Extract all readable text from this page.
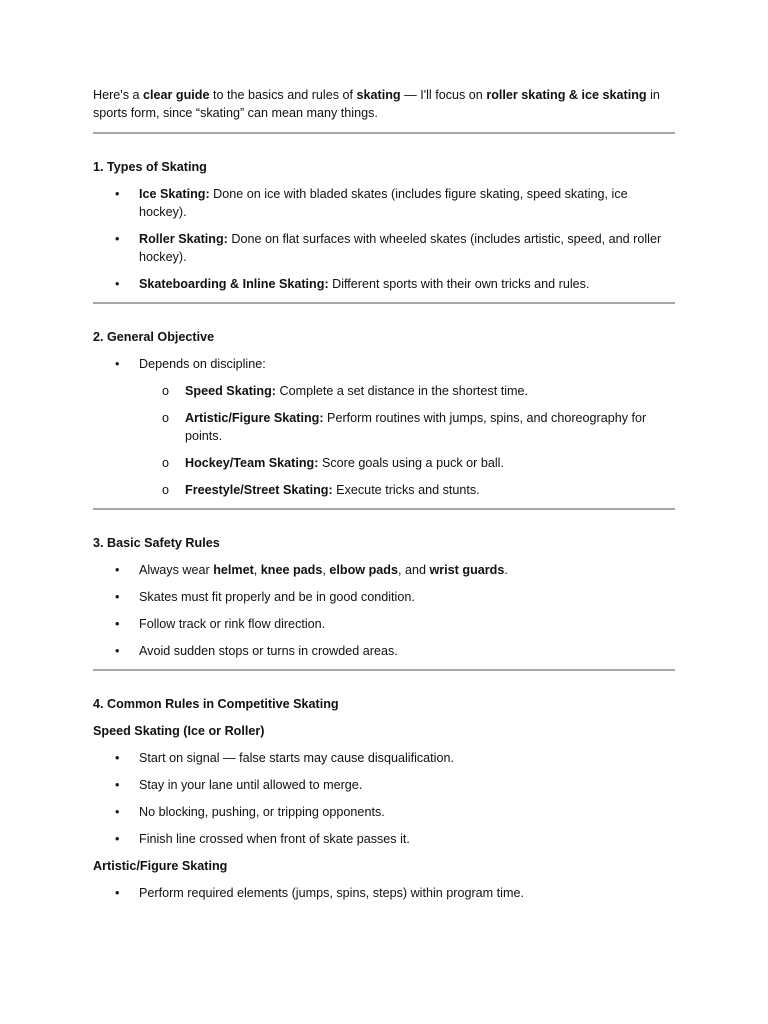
Here's a clear guide to the basics and rules of skating — I'll focus on roller skating & ice skating in sports form, since “skating” can mean many things.

1. Types of Skating

• Ice Skating: Done on ice with bladed skates (includes figure skating, speed skating, ice hockey).
• Roller Skating: Done on flat surfaces with wheeled skates (includes artistic, speed, and roller hockey).
• Skateboarding & Inline Skating: Different sports with their own tricks and rules.

2. General Objective

• Depends on discipline:
o Speed Skating: Complete a set distance in the shortest time.
o Artistic/Figure Skating: Perform routines with jumps, spins, and choreography for points.
o Hockey/Team Skating: Score goals using a puck or ball.
o Freestyle/Street Skating: Execute tricks and stunts.

3. Basic Safety Rules

• Always wear helmet, knee pads, elbow pads, and wrist guards.
• Skates must fit properly and be in good condition.
• Follow track or rink flow direction.
• Avoid sudden stops or turns in crowded areas.

4. Common Rules in Competitive Skating

Speed Skating (Ice or Roller)

• Start on signal — false starts may cause disqualification.
• Stay in your lane until allowed to merge.
• No blocking, pushing, or tripping opponents.
• Finish line crossed when front of skate passes it.

Artistic/Figure Skating

• Perform required elements (jumps, spins, steps) within program time.
